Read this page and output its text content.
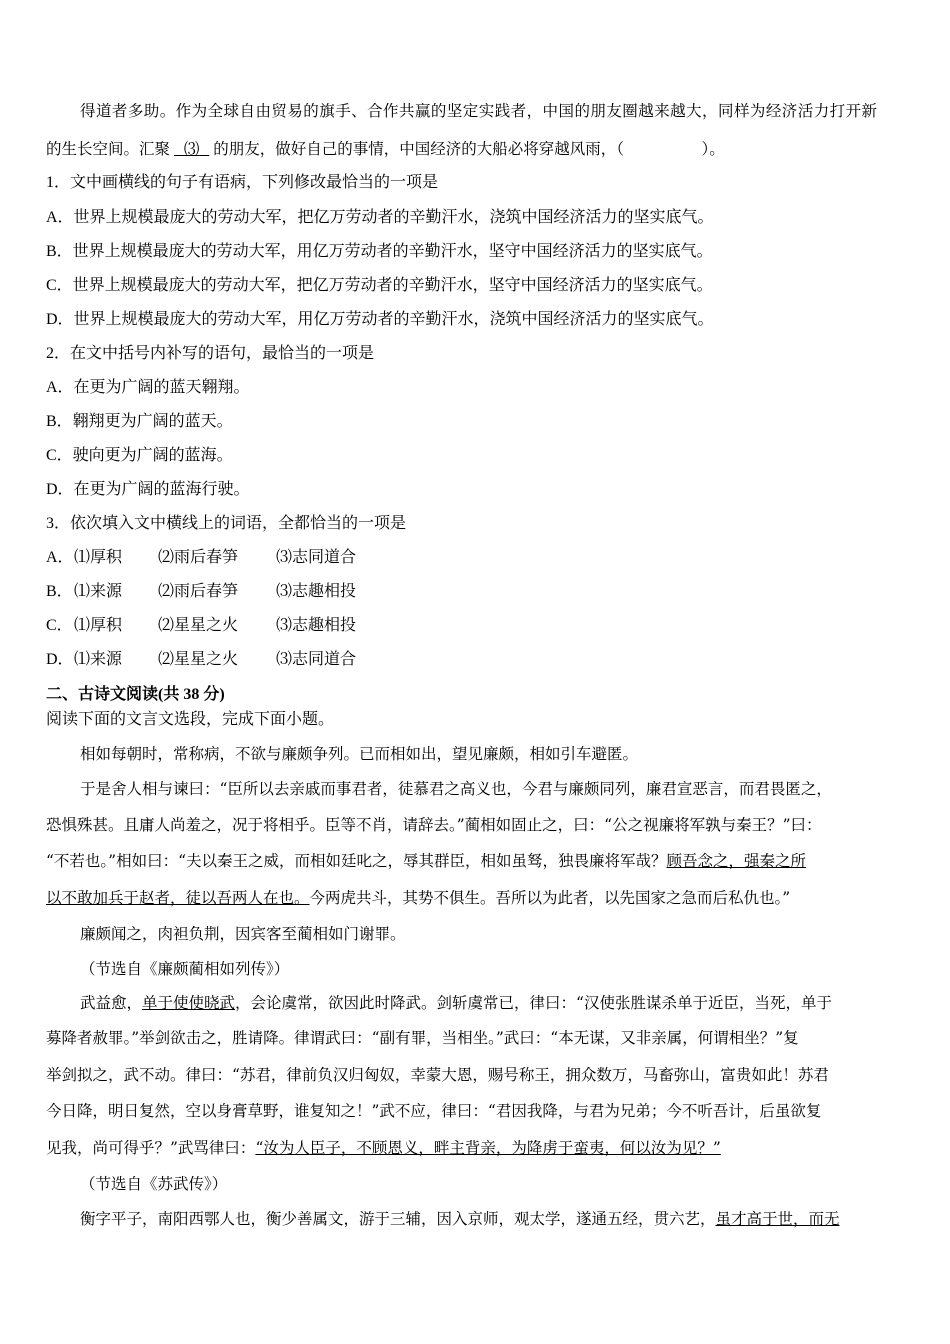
得道者多助。作为全球自由贸易的旗手、合作共赢的坚定实践者，中国的朋友圈越来越大，同样为经济活力打开新
的生长空间。汇聚 ⑶ 的朋友，做好自己的事情，中国经济的大船必将穿越风雨，（　　　　　）。
1．文中画横线的句子有语病，下列修改最恰当的一项是
A．世界上规模最庞大的劳动大军，把亿万劳动者的辛勤汗水，浇筑中国经济活力的坚实底气。
B．世界上规模最庞大的劳动大军，用亿万劳动者的辛勤汗水，坚守中国经济活力的坚实底气。
C．世界上规模最庞大的劳动大军，把亿万劳动者的辛勤汗水，坚守中国经济活力的坚实底气。
D．世界上规模最庞大的劳动大军，用亿万劳动者的辛勤汗水，浇筑中国经济活力的坚实底气。
2．在文中括号内补写的语句，最恰当的一项是
A．在更为广阔的蓝天翱翔。
B．翱翔更为广阔的蓝天。
C．驶向更为广阔的蓝海。
D．在更为广阔的蓝海行驶。
3．依次填入文中横线上的词语，全都恰当的一项是
A．⑴厚积 ⑵雨后春笋 ⑶志同道合
B．⑴来源 ⑵雨后春笋 ⑶志趣相投
C．⑴厚积 ⑵星星之火 ⑶志趣相投
D．⑴来源 ⑵星星之火 ⑶志同道合
二、古诗文阅读(共 38 分)
阅读下面的文言文选段，完成下面小题。
相如每朝时，常称病，不欲与廉颇争列。已而相如出，望见廉颇，相如引车避匿。
于是舍人相与谏曰：“臣所以去亲戚而事君者，徒慕君之高义也，今君与廉颇同列，廉君宣恶言，而君畏匿之，
恐惧殊甚。且庸人尚羞之，况于将相乎。臣等不肖，请辞去。”蔺相如固止之，曰：“公之视廉将军孰与秦王？”曰：
“不若也。”相如曰：“夫以秦王之威，而相如廷叱之，辱其群臣，相如虽驽，独畏廉将军哉？顾吾念之，强秦之所
以不敢加兵于赵者，徒以吾两人在也。今两虎共斗，其势不俱生。吾所以为此者，以先国家之急而后私仇也。”
廉颇闻之，肉袒负荆，因宾客至蔺相如门谢罪。
（节选自《廉颇蔺相如列传》）
武益愈，单于使使晓武，会论虞常，欲因此时降武。剑斩虞常已，律曰：“汉使张胜谋杀单于近臣，当死，单于
募降者赦罪。”举剑欲击之，胜请降。律谓武曰：“副有罪，当相坐。”武曰：“本无谋，又非亲属，何谓相坐？”复
举剑拟之，武不动。律曰：“苏君，律前负汉归匈奴，幸蒙大恩，赐号称王，拥众数万，马畜弥山，富贵如此！苏君
今日降，明日复然，空以身膏草野，谁复知之！”武不应，律曰：“君因我降，与君为兄弟；今不听吾计，后虽欲复
见我，尚可得乎？”武骂律曰：“汝为人臣子，不顾恩义，畔主背亲，为降虏于蛮夷，何以汝为见？”
（节选自《苏武传》）
衡字平子，南阳西鄂人也，衡少善属文，游于三辅，因入京师，观太学，遂通五经，贯六艺，虽才高于世，而无
